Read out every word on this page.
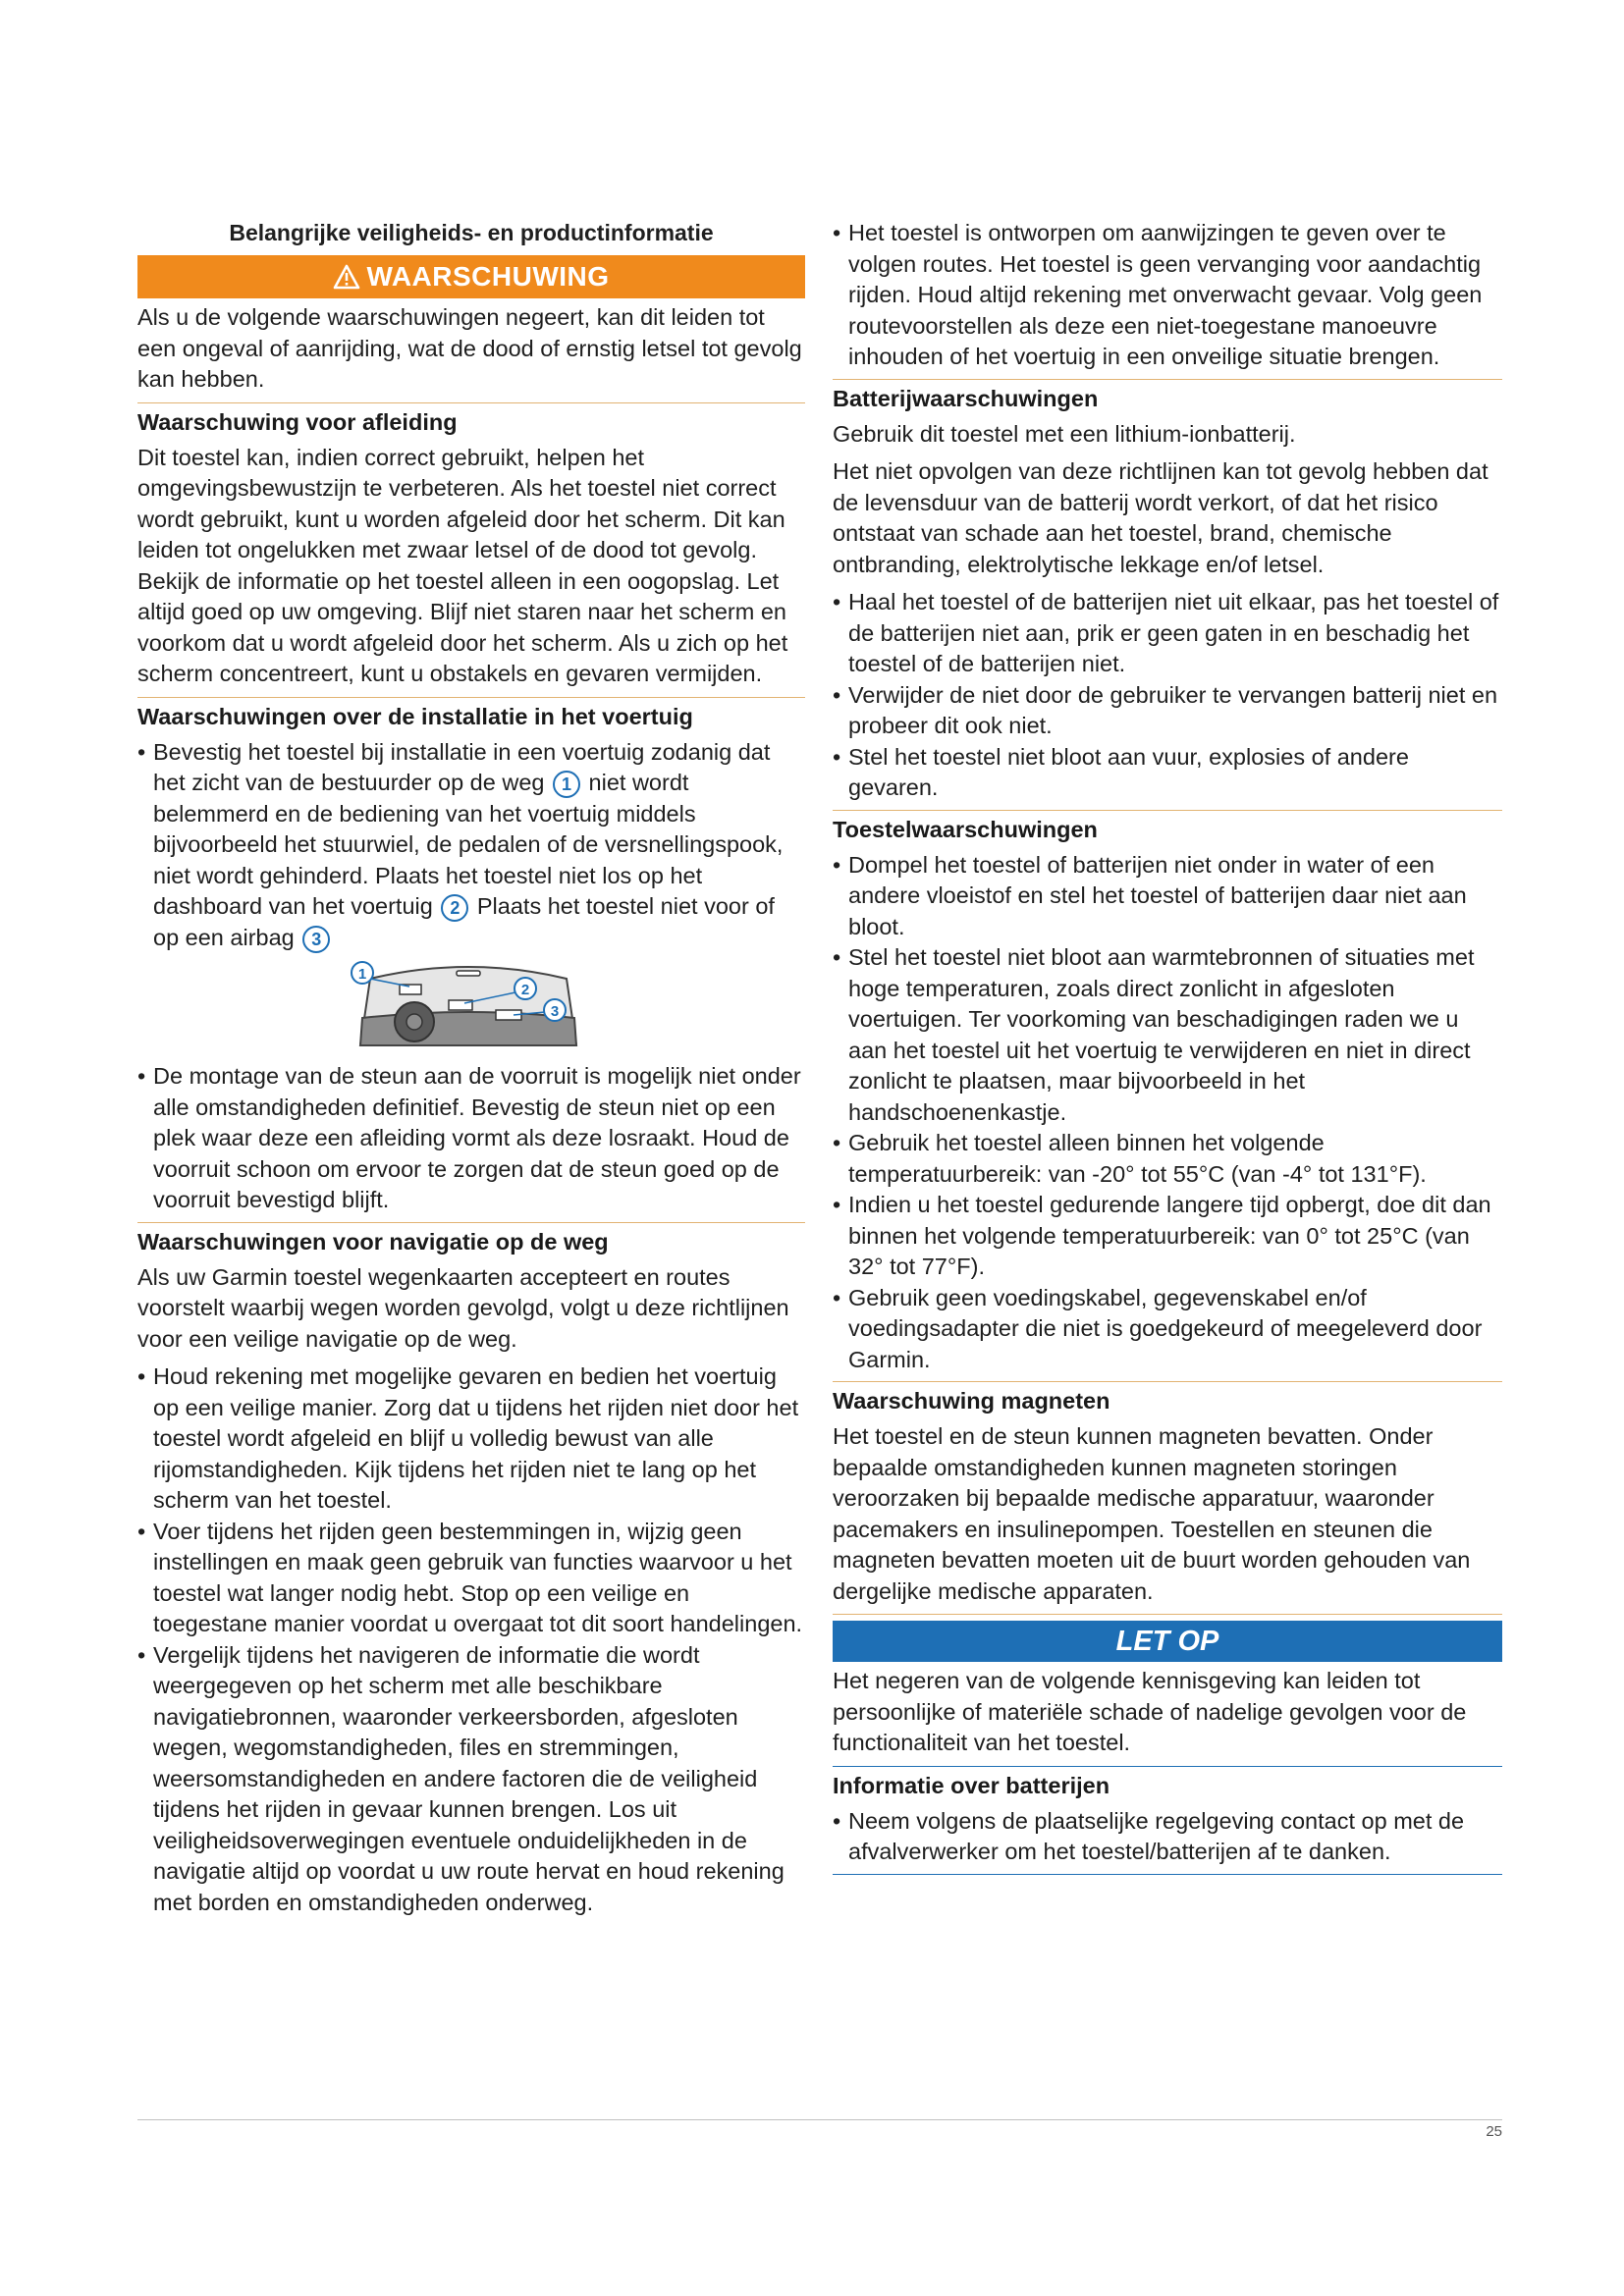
Belangrijke veiligheids- en productinformatie
WAARSCHUWING

Als u de volgende waarschuwingen negeert, kan dit leiden tot een ongeval of aanrijding, wat de dood of ernstig letsel tot gevolg kan hebben.

Waarschuwing voor afleiding

Dit toestel kan, indien correct gebruikt, helpen het omgevingsbewustzijn te verbeteren. Als het toestel niet correct wordt gebruikt, kunt u worden afgeleid door het scherm. Dit kan leiden tot ongelukken met zwaar letsel of de dood tot gevolg. Bekijk de informatie op het toestel alleen in een oogopslag. Let altijd goed op uw omgeving. Blijf niet staren naar het scherm en voorkom dat u wordt afgeleid door het scherm. Als u zich op het scherm concentreert, kunt u obstakels en gevaren vermijden.

Waarschuwingen over de installatie in het voertuig
• Bevestig het toestel bij installatie in een voertuig zodanig dat het zicht van de bestuurder op de weg 1 niet wordt belemmerd en de bediening van het voertuig middels bijvoorbeeld het stuurwiel, de pedalen of de versnellingspook, niet wordt gehinderd. Plaats het toestel niet los op het dashboard van het voertuig 2 Plaats het toestel niet voor of op een airbag 3
1
2
3
• De montage van de steun aan de voorruit is mogelijk niet onder alle omstandigheden definitief. Bevestig de steun niet op een plek waar deze een afleiding vormt als deze losraakt. Houd de voorruit schoon om ervoor te zorgen dat de steun goed op de voorruit bevestigd blijft.
Waarschuwingen voor navigatie op de weg

Als uw Garmin toestel wegenkaarten accepteert en routes voorstelt waarbij wegen worden gevolgd, volgt u deze richtlijnen voor een veilige navigatie op de weg.

• Houd rekening met mogelijke gevaren en bedien het voertuig op een veilige manier. Zorg dat u tijdens het rijden niet door het toestel wordt afgeleid en blijf u volledig bewust van alle rijomstandigheden. Kijk tijdens het rijden niet te lang op het scherm van het toestel.
• Voer tijdens het rijden geen bestemmingen in, wijzig geen instellingen en maak geen gebruik van functies waarvoor u het toestel wat langer nodig hebt. Stop op een veilige en toegestane manier voordat u overgaat tot dit soort handelingen.
• Vergelijk tijdens het navigeren de informatie die wordt weergegeven op het scherm met alle beschikbare navigatiebronnen, waaronder verkeersborden, afgesloten wegen, wegomstandigheden, files en stremmingen, weersomstandigheden en andere factoren die de veiligheid tijdens het rijden in gevaar kunnen brengen. Los uit veiligheidsoverwegingen eventuele onduidelijkheden in de navigatie altijd op voordat u uw route hervat en houd rekening met borden en omstandigheden onderweg.
• Het toestel is ontworpen om aanwijzingen te geven over te volgen routes. Het toestel is geen vervanging voor aandachtig rijden. Houd altijd rekening met onverwacht gevaar. Volg geen routevoorstellen als deze een niet-toegestane manoeuvre inhouden of het voertuig in een onveilige situatie brengen.
Batterijwaarschuwingen

Gebruik dit toestel met een lithium-ionbatterij.

Het niet opvolgen van deze richtlijnen kan tot gevolg hebben dat de levensduur van de batterij wordt verkort, of dat het risico ontstaat van schade aan het toestel, brand, chemische ontbranding, elektrolytische lekkage en/of letsel.

• Haal het toestel of de batterijen niet uit elkaar, pas het toestel of de batterijen niet aan, prik er geen gaten in en beschadig het toestel of de batterijen niet.
• Verwijder de niet door de gebruiker te vervangen batterij niet en probeer dit ook niet.
• Stel het toestel niet bloot aan vuur, explosies of andere gevaren.
Toestelwaarschuwingen
• Dompel het toestel of batterijen niet onder in water of een andere vloeistof en stel het toestel of batterijen daar niet aan bloot.
• Stel het toestel niet bloot aan warmtebronnen of situaties met hoge temperaturen, zoals direct zonlicht in afgesloten voertuigen. Ter voorkoming van beschadigingen raden we u aan het toestel uit het voertuig te verwijderen en niet in direct zonlicht te plaatsen, maar bijvoorbeeld in het handschoenenkastje.
• Gebruik het toestel alleen binnen het volgende temperatuurbereik: van -20° tot 55°C (van -4° tot 131°F).
• Indien u het toestel gedurende langere tijd opbergt, doe dit dan binnen het volgende temperatuurbereik: van 0° tot 25°C (van 32° tot 77°F).
• Gebruik geen voedingskabel, gegevenskabel en/of voedingsadapter die niet is goedgekeurd of meegeleverd door Garmin.
Waarschuwing magneten

Het toestel en de steun kunnen magneten bevatten. Onder bepaalde omstandigheden kunnen magneten storingen veroorzaken bij bepaalde medische apparatuur, waaronder pacemakers en insulinepompen. Toestellen en steunen die magneten bevatten moeten uit de buurt worden gehouden van dergelijke medische apparaten.

LET OP

Het negeren van de volgende kennisgeving kan leiden tot persoonlijke of materiële schade of nadelige gevolgen voor de functionaliteit van het toestel.

Informatie over batterijen
• Neem volgens de plaatselijke regelgeving contact op met de afvalverwerker om het toestel/batterijen af te danken.
25
